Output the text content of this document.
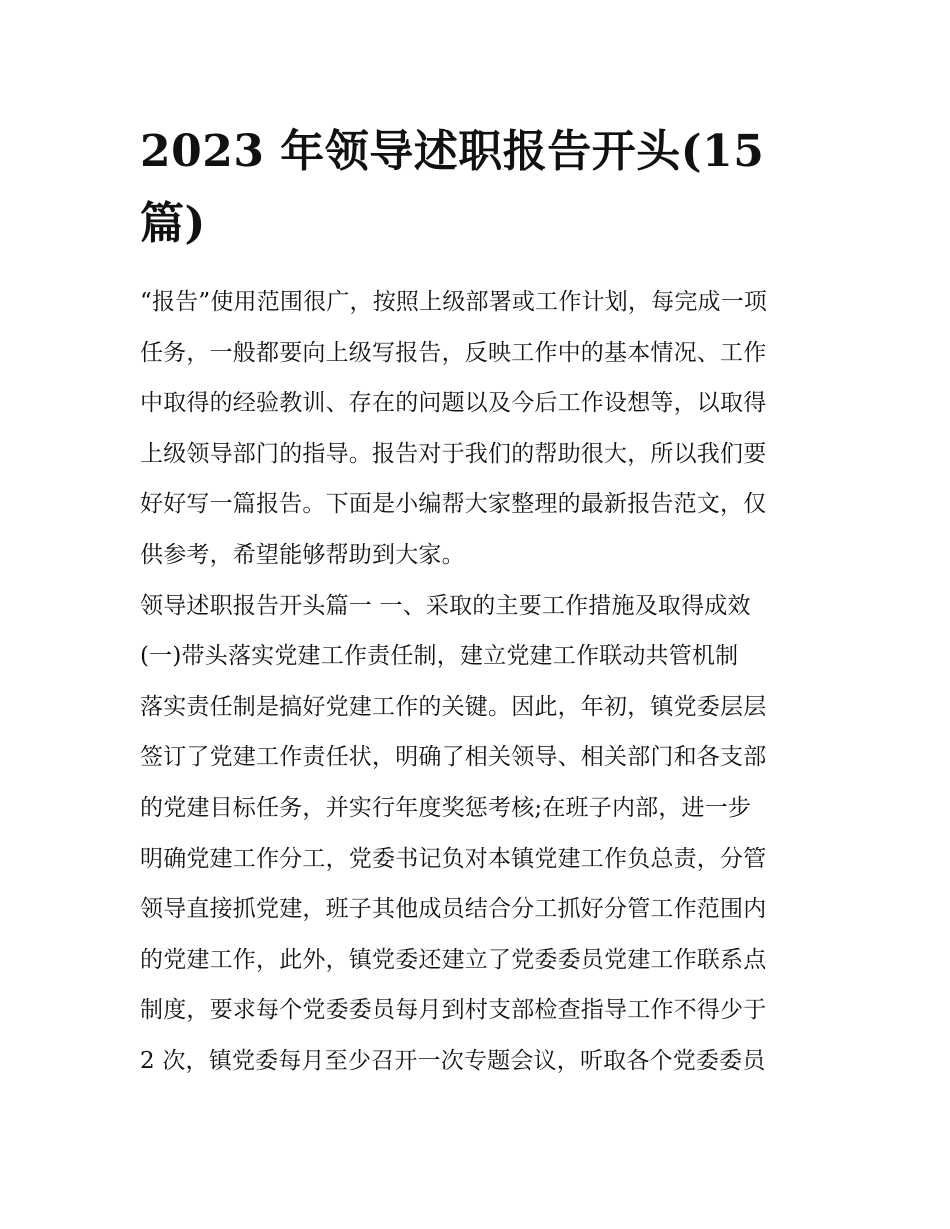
2023 年领导述职报告开头(15
篇)
“报告”使用范围很广，按照上级部署或工作计划，每完成一项
任务，一般都要向上级写报告，反映工作中的基本情况、工作
中取得的经验教训、存在的问题以及今后工作设想等，以取得
上级领导部门的指导。报告对于我们的帮助很大，所以我们要
好好写一篇报告。下面是小编帮大家整理的最新报告范文，仅
供参考，希望能够帮助到大家。
领导述职报告开头篇一 一、采取的主要工作措施及取得成效
(一)带头落实党建工作责任制，建立党建工作联动共管机制
落实责任制是搞好党建工作的关键。因此，年初，镇党委层层
签订了党建工作责任状，明确了相关领导、相关部门和各支部
的党建目标任务，并实行年度奖惩考核;在班子内部，进一步
明确党建工作分工，党委书记负对本镇党建工作负总责，分管
领导直接抓党建，班子其他成员结合分工抓好分管工作范围内
的党建工作，此外，镇党委还建立了党委委员党建工作联系点
制度，要求每个党委委员每月到村支部检查指导工作不得少于
2 次，镇党委每月至少召开一次专题会议，听取各个党委委员
